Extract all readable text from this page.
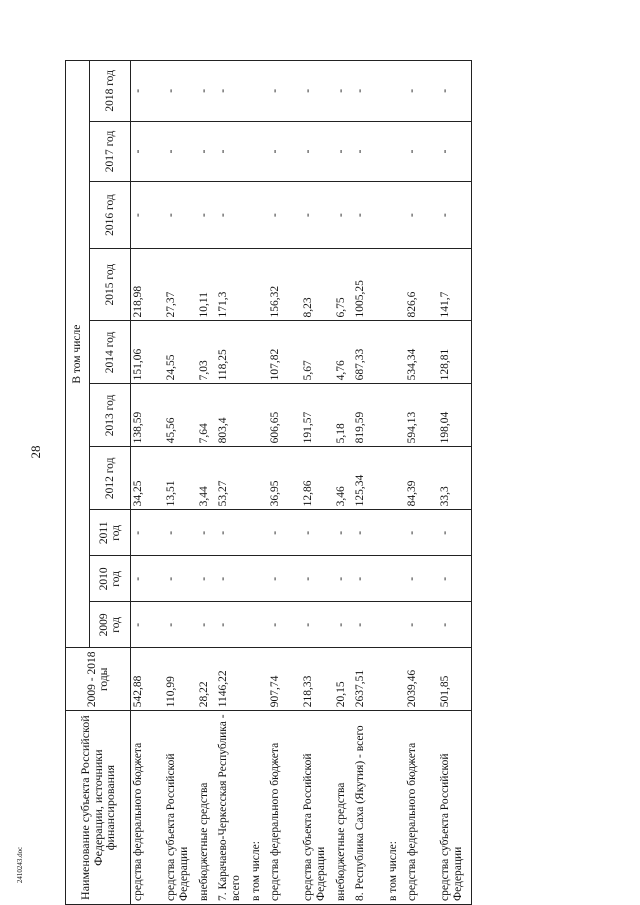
28
2410243.doc	Наименование субъекта Российской Федерации, источники финансирования	2009 - 2018 годы	В том числе									
		2009 год	2010 год	2011 год	2012 год	2013 год	2014 год	2015 год	2016 год	2017 год	2018 год
средства федерального бюджета	542,88	-	-	-	34,25	138,59	151,06	218,98	-	-	-
средства субъекта Российской Федерации	110,99	-	-	-	13,51	45,56	24,55	27,37	-	-	-
внебюджетные средства	28,22	-	-	-	3,44	7,64	7,03	10,11	-	-	-
7. Карачаево-Черкесская Республика - всего	1146,22	-	-	-	53,27	803,4	118,25	171,3	-	-	-
в том числе:											
средства федерального бюджета	907,74	-	-	-	36,95	606,65	107,82	156,32	-	-	-
средства субъекта Российской Федерации	218,33	-	-	-	12,86	191,57	5,67	8,23	-	-	-
внебюджетные средства	20,15	-	-	-	3,46	5,18	4,76	6,75	-	-	-
8. Республика Саха (Якутия) - всего	2637,51	-	-	-	125,34	819,59	687,33	1005,25	-	-	-
в том числе:											
средства федерального бюджета	2039,46	-	-	-	84,39	594,13	534,34	826,6	-	-	-
средства субъекта Российской Федерации	501,85	-	-	-	33,3	198,04	128,81	141,7	-	-	-
